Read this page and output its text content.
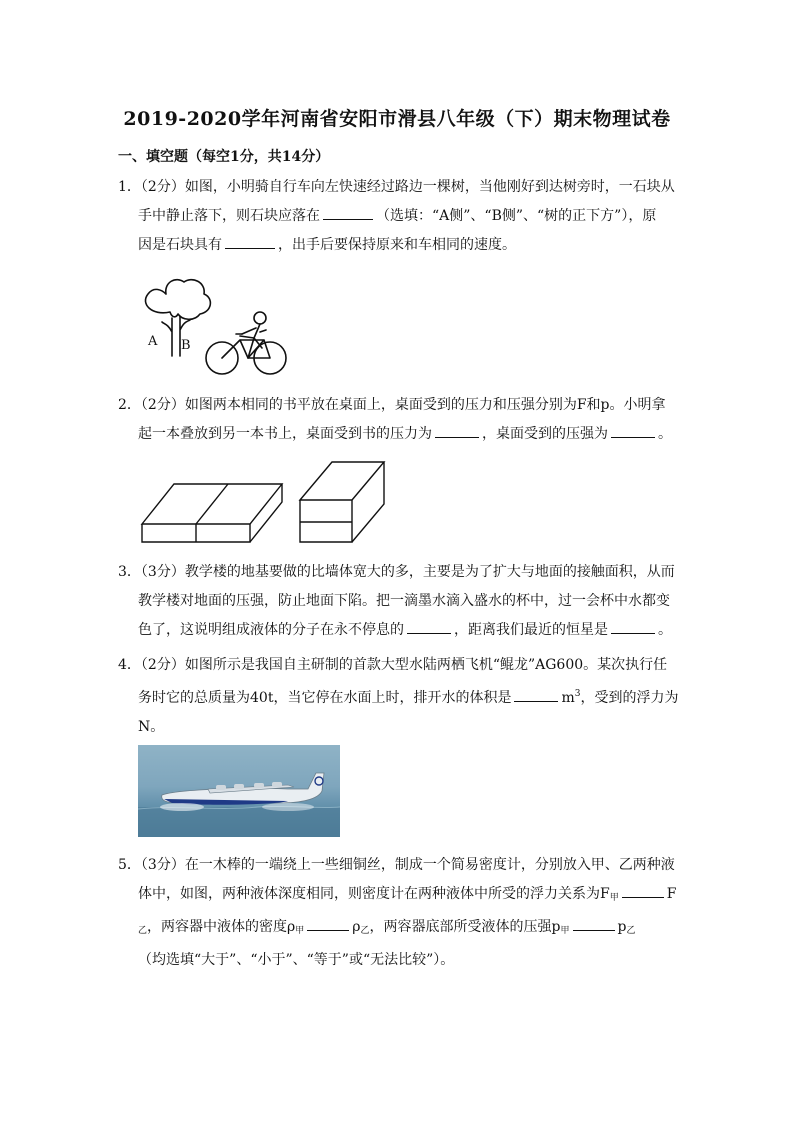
2019-2020学年河南省安阳市滑县八年级（下）期末物理试卷
一、填空题（每空1分，共14分）
1．（2分）如图，小明骑自行车向左快速经过路边一棵树，当他刚好到达树旁时，一石块从
手中静止落下，则石块应落在	（选填：“A侧”、“B侧”、“树的正下方”），原
因是石块具有	，出手后要保持原来和车相同的速度。
A B
2．（2分）如图两本相同的书平放在桌面上，桌面受到的压力和压强分别为F和p。小明拿
起一本叠放到另一本书上，桌面受到书的压力为	，桌面受到的压强为	。
3．（3分）教学楼的地基要做的比墙体宽大的多，主要是为了扩大与地面的接触面积，从而
教学楼对地面的压强，防止地面下陷。把一滴墨水滴入盛水的杯中，过一会杯中水都变
色了，这说明组成液体的分子在永不停息的	，距离我们最近的恒星是	。
4．（2分）如图所示是我国自主研制的首款大型水陆两栖飞机“鲲龙”AG600。某次执行任
务时它的总质量为40t，当它停在水面上时，排开水的体积是	$m^3$，受到的浮力为
N。
5．（3分）在一木棒的一端绕上一些细铜丝，制成一个简易密度计，分别放入甲、乙两种液
体中，如图，两种液体深度相同，则密度计在两种液体中所受的浮力关系为$F_甲$	F
$_乙$，两容器中液体的密度$\rho_甲$	$\rho_乙$，两容器底部所受液体的压强$p_甲$	$p_乙$
（均选填“大于”、“小于”、“等于”或“无法比较”）。
